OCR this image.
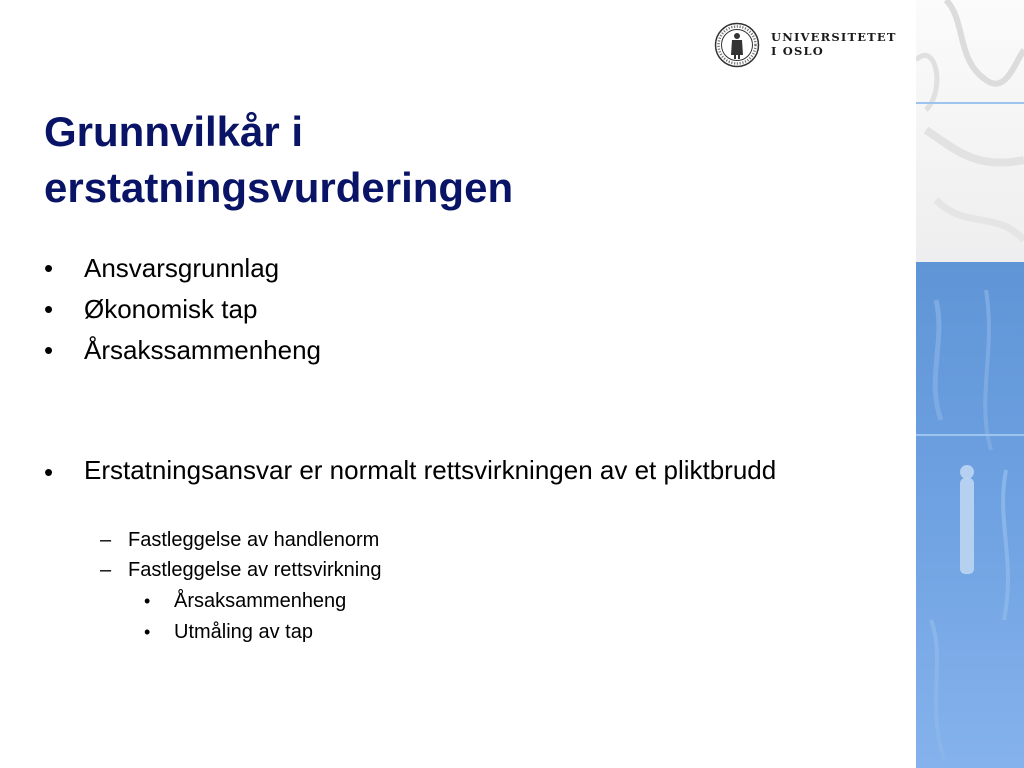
UNIVERSITETET
I OSLO
Grunnvilkår i
erstatningsvurderingen
• Ansvarsgrunnlag
• Økonomisk tap
• Årsakssammenheng
• Erstatningsansvar er normalt rettsvirkningen av et pliktbrudd
– Fastleggelse av handlenorm
– Fastleggelse av rettsvirkning
• Årsaksammenheng
• Utmåling av tap
